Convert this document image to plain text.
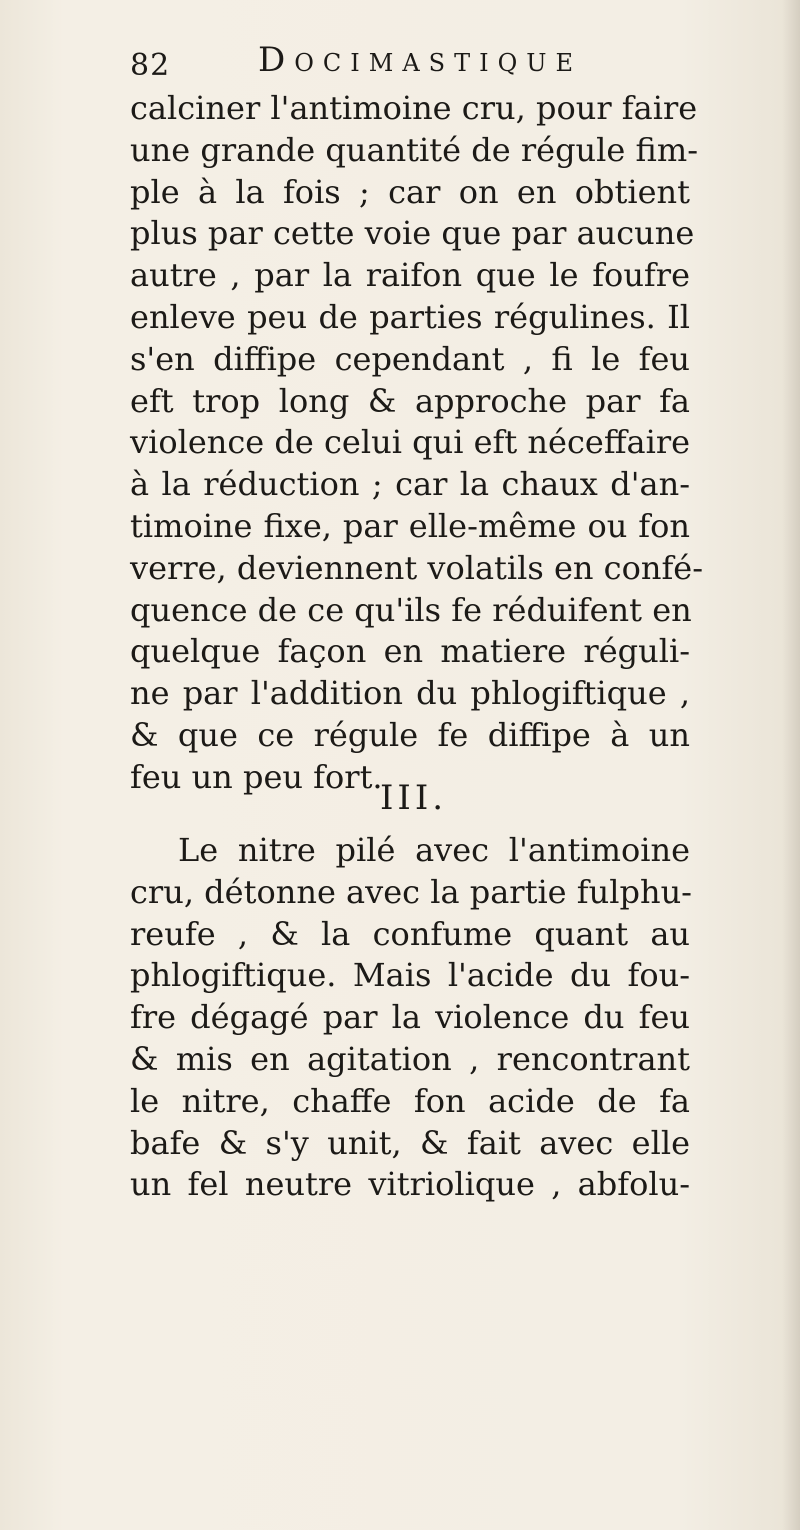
82	Docimastique
calciner l'antimoine cru, pour faire
une grande quantité de régule fim-
ple à la fois ; car on en obtient
plus par cette voie que par aucune
autre , par la raifon que le foufre
enleve peu de parties régulines. Il
s'en diffipe cependant , fi le feu
eft trop long & approche par fa
violence de celui qui eft néceffaire
à la réduction ; car la chaux d'an-
timoine fixe, par elle-même ou fon
verre, deviennent volatils en confé-
quence de ce qu'ils fe réduifent en
quelque façon en matiere réguli-
ne par l'addition du phlogiftique ,
& que ce régule fe diffipe à un
feu un peu fort.
III.
Le nitre pilé avec l'antimoine
cru, détonne avec la partie fulphu-
reufe , & la confume quant au
phlogiftique. Mais l'acide du fou-
fre dégagé par la violence du feu
& mis en agitation , rencontrant
le nitre, chaffe fon acide de fa
bafe & s'y unit, & fait avec elle
un fel neutre vitriolique , abfolu-
